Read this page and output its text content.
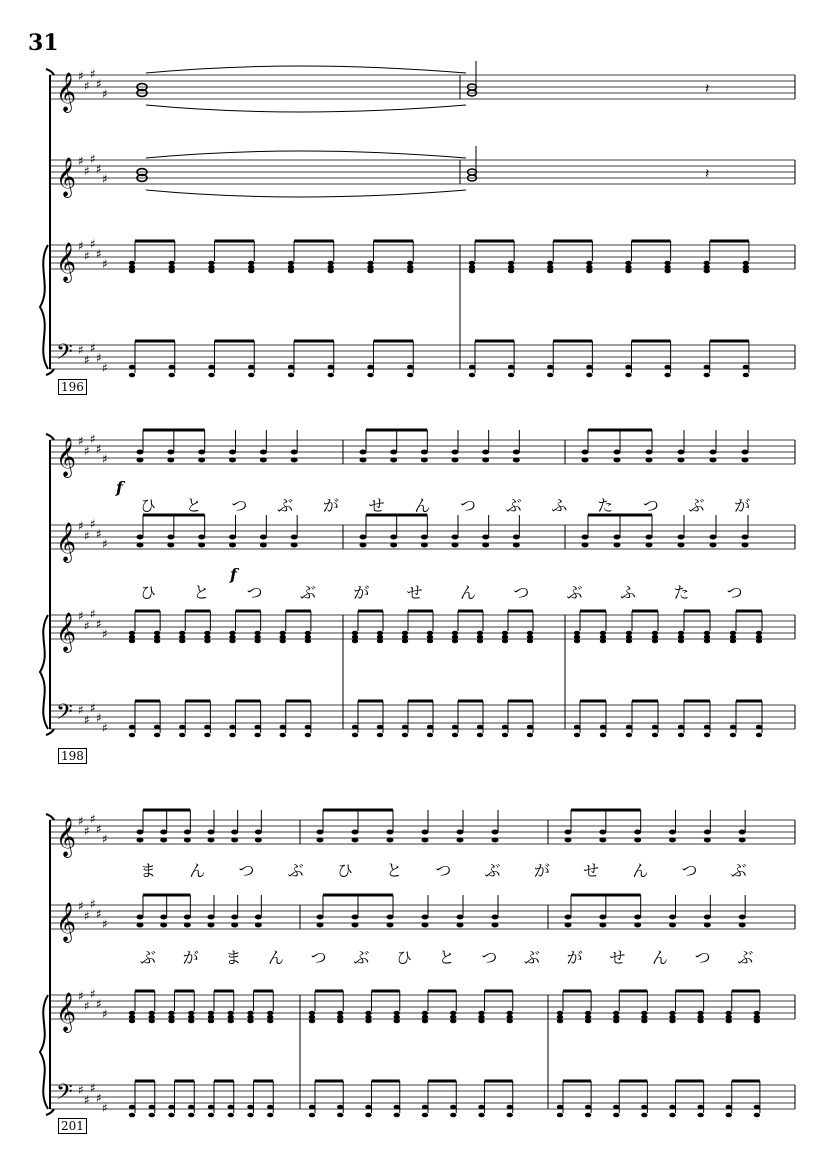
31
𝄞 ♯
♯
♯
♯
♯
𝄞 ♯
♯
♯
♯
♯
𝄞 ♯
♯
♯
♯
♯
𝄢 ♯
♯
♯
♯
♯
𝄽
𝄽
𝄞 ♯
♯
♯
♯
♯
𝄞 ♯
♯
♯
♯
♯
𝄞 ♯
♯
♯
♯
♯
𝄢 ♯
♯
♯
♯
♯
𝄞 ♯
♯
♯
♯
♯
𝄞 ♯
♯
♯
♯
♯
𝄞 ♯
♯
♯
♯
♯
𝄢 ♯
♯
♯
♯
♯
196
198
ひ と つ ぶ が せ ん つ ぶ ふ た つ ぶ が
ひ と つ ぶ が せ ん つ ぶ ふ た つ
f
f
201
ま ん つ ぶ ひ と つ ぶ が せ ん つ ぶ
ぶ が ま ん つ ぶ ひ と つ ぶ が せ ん つ ぶ
